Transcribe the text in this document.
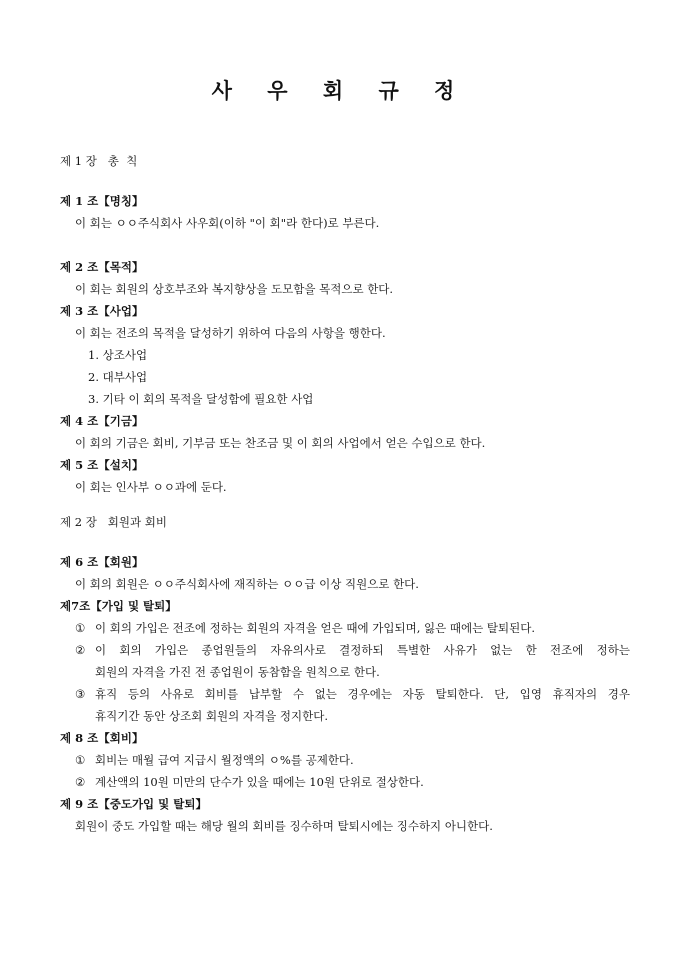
사 우 회 규 정
제 1 장   총  칙
제 1 조【명칭】
이 회는 ㅇㅇ주식회사 사우회(이하 "이 회"라 한다)로 부른다.
제 2 조【목적】
이 회는 회원의 상호부조와 복지향상을 도모함을 목적으로 한다.
제 3 조【사업】
이 회는 전조의 목적을 달성하기 위하여 다음의 사항을 행한다.
1. 상조사업
2. 대부사업
3. 기타 이 회의 목적을 달성함에 필요한 사업
제 4 조【기금】
이 회의 기금은 회비, 기부금 또는 찬조금 및 이 회의 사업에서 얻은 수입으로 한다.
제 5 조【설치】
이 회는 인사부 ㅇㅇ과에 둔다.
제 2 장   회원과 회비
제 6 조【회원】
이 회의 회원은 ㅇㅇ주식회사에 재직하는 ㅇㅇ급 이상 직원으로 한다.
제7조【가입 및 탈퇴】
① 이 회의 가입은 전조에 정하는 회원의 자격을 얻은 때에 가입되며, 잃은 때에는 탈퇴된다.
② 이 회의 가입은 종업원들의 자유의사로 결정하되 특별한 사유가 없는 한 전조에 정하는
회원의 자격을 가진 전 종업원이 동참함을 원칙으로 한다.
③ 휴직 등의 사유로 회비를 납부할 수 없는 경우에는 자동 탈퇴한다. 단, 입영 휴직자의 경우
휴직기간 동안 상조회 회원의 자격을 정지한다.
제 8 조【회비】
① 회비는 매월 급여 지급시 월정액의 ㅇ%를 공제한다.
② 계산액의 10원 미만의 단수가 있을 때에는 10원 단위로 절상한다.
제 9 조【중도가입 및 탈퇴】
회원이 중도 가입할 때는 해당 월의 회비를 징수하며 탈퇴시에는 징수하지 아니한다.
